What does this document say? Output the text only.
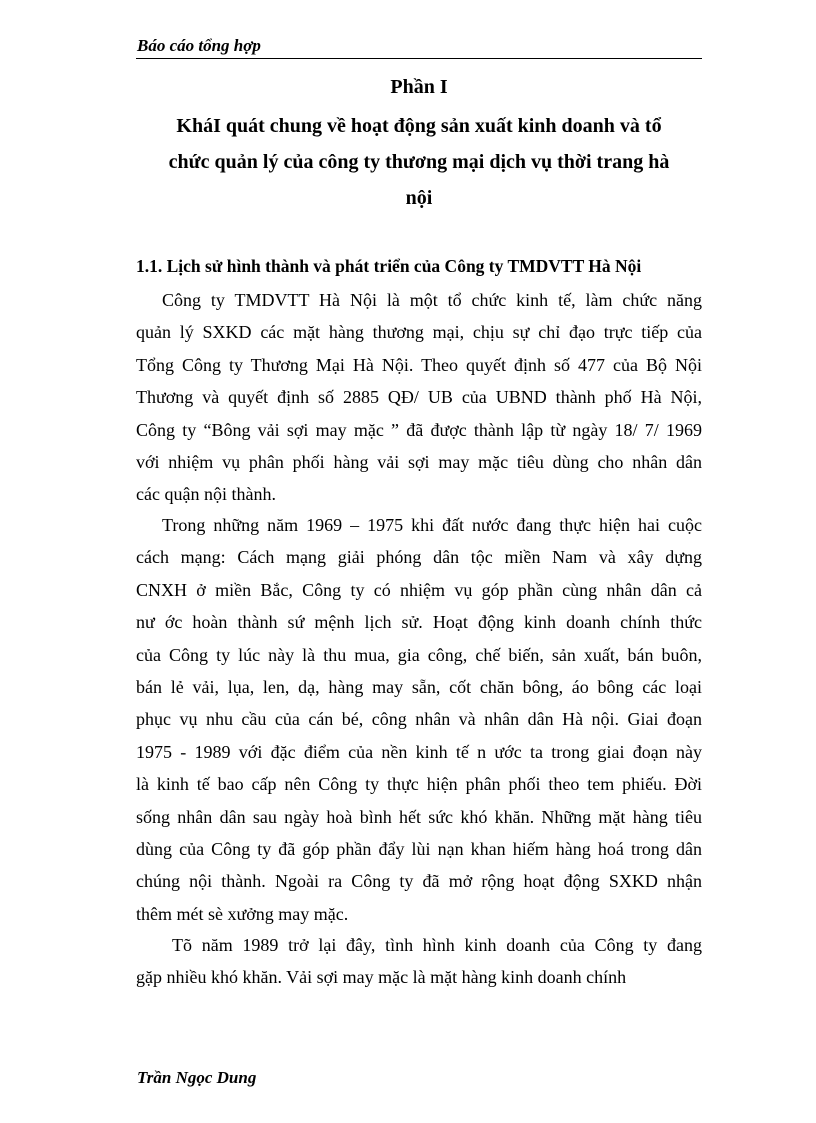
Báo cáo tổng hợp
Phần I
KháI quát chung về hoạt động sản xuất kinh doanh và tổ
chức quản lý của công ty thương mại dịch vụ thời trang hà
nội
1.1. Lịch sử hình thành và phát triển của Công ty TMDVTT Hà Nội
Công ty TMDVTT Hà Nội là một tổ chức kinh tế, làm chức năng
quản lý SXKD các mặt hàng thương mại, chịu sự chỉ đạo trực tiếp của
Tổng Công ty Thương Mại Hà Nội. Theo quyết định số 477 của Bộ Nội
Thương và quyết định số 2885 QĐ/ UB của UBND thành phố Hà Nội,
Công ty “Bông vải sợi may mặc ” đã được thành lập từ ngày 18/ 7/ 1969
với nhiệm vụ phân phối hàng vải sợi may mặc tiêu dùng cho nhân dân
các quận nội thành.
Trong những năm 1969 – 1975 khi đất nước đang thực hiện hai cuộc
cách mạng: Cách mạng giải phóng dân tộc miền Nam và xây dựng
CNXH ở miền Bắc, Công ty có nhiệm vụ góp phần cùng nhân dân cả
nư ớc hoàn thành sứ mệnh lịch sử. Hoạt động kinh doanh chính thức
của Công ty lúc này là thu mua, gia công, chế biến, sản xuất, bán buôn,
bán lẻ vải, lụa, len, dạ, hàng may sẵn, cốt chăn bông, áo bông các loại
phục vụ nhu cầu của cán bé, công nhân và nhân dân Hà nội. Giai đoạn
1975 - 1989 với đặc điểm của nền kinh tế n ước ta trong giai đoạn này
là kinh tế bao cấp nên Công ty thực hiện phân phối theo tem phiếu. Đời
sống nhân dân sau ngày hoà bình hết sức khó khăn. Những mặt hàng tiêu
dùng của Công ty đã góp phần đẩy lùi nạn khan hiếm hàng hoá trong dân
chúng nội thành. Ngoài ra Công ty đã mở rộng hoạt động SXKD nhận
thêm mét sè xưởng may mặc.
Tõ năm 1989 trở lại đây, tình hình kinh doanh của Công ty đang
gặp nhiều khó khăn. Vải sợi may mặc là mặt hàng kinh doanh chính
Trần Ngọc Dung
